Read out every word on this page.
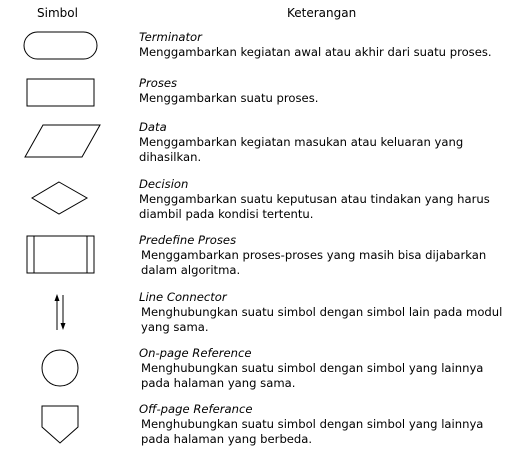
Simbol	Keterangan
Terminator
Menggambarkan kegiatan awal atau akhir dari suatu proses.
Proses
Menggambarkan suatu proses.
Data
Menggambarkan kegiatan masukan atau keluaran yang dihasilkan.
Decision
Menggambarkan suatu keputusan atau tindakan yang harus diambil pada kondisi tertentu.
Predefine Proses
Menggambarkan proses-proses yang masih bisa dijabarkan dalam algoritma.
Line Connector
Menghubungkan suatu simbol dengan simbol lain pada modul yang sama.
On-page Reference
Menghubungkan suatu simbol dengan simbol yang lainnya pada halaman yang sama.
Off-page Referance
Menghubungkan suatu simbol dengan simbol yang lainnya pada halaman yang berbeda.
